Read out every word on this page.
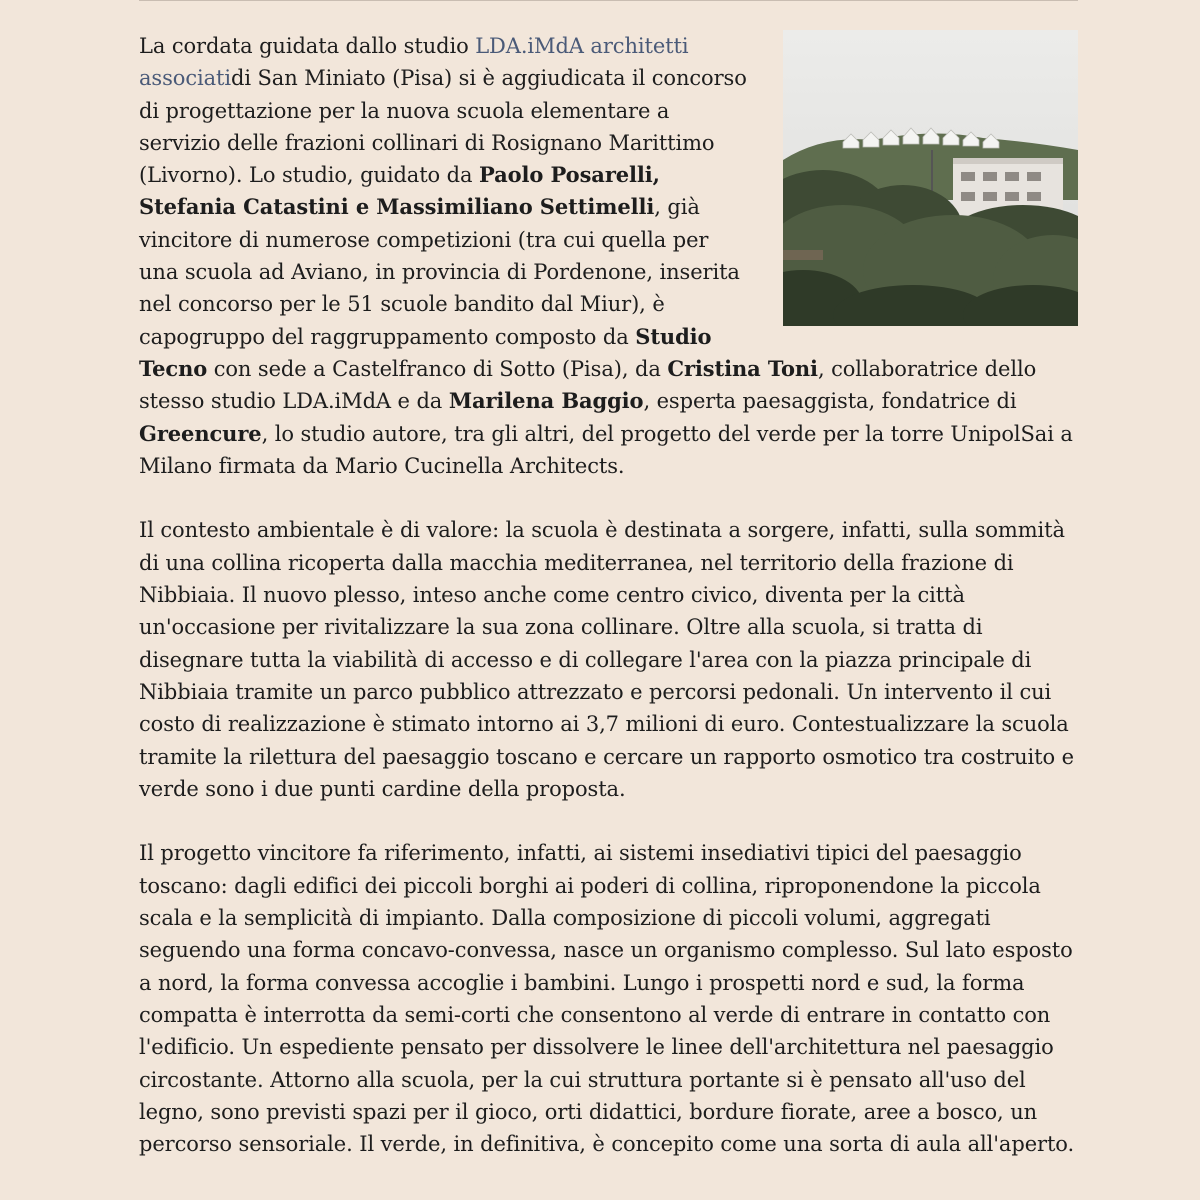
La cordata guidata dallo studio LDA.iMdA architetti associatidi San Miniato (Pisa) si è aggiudicata il concorso di progettazione per la nuova scuola elementare a servizio delle frazioni collinari di Rosignano Marittimo (Livorno). Lo studio, guidato da Paolo Posarelli, Stefania Catastini e Massimiliano Settimelli, già vincitore di numerose competizioni (tra cui quella per una scuola ad Aviano, in provincia di Pordenone, inserita nel concorso per le 51 scuole bandito dal Miur), è capogruppo del raggruppamento composto da Studio Tecno con sede a Castelfranco di Sotto (Pisa), da Cristina Toni, collaboratrice dello stesso studio LDA.iMdA e da Marilena Baggio, esperta paesaggista, fondatrice di Greencure, lo studio autore, tra gli altri, del progetto del verde per la torre UnipolSai a Milano firmata da Mario Cucinella Architects.

Il contesto ambientale è di valore: la scuola è destinata a sorgere, infatti, sulla sommità di una collina ricoperta dalla macchia mediterranea, nel territorio della frazione di Nibbiaia. Il nuovo plesso, inteso anche come centro civico, diventa per la città un'occasione per rivitalizzare la sua zona collinare. Oltre alla scuola, si tratta di disegnare tutta la viabilità di accesso e di collegare l'area con la piazza principale di Nibbiaia tramite un parco pubblico attrezzato e percorsi pedonali. Un intervento il cui costo di realizzazione è stimato intorno ai 3,7 milioni di euro. Contestualizzare la scuola tramite la rilettura del paesaggio toscano e cercare un rapporto osmotico tra costruito e verde sono i due punti cardine della proposta.

Il progetto vincitore fa riferimento, infatti, ai sistemi insediativi tipici del paesaggio toscano: dagli edifici dei piccoli borghi ai poderi di collina, riproponendone la piccola scala e la semplicità di impianto. Dalla composizione di piccoli volumi, aggregati seguendo una forma concavo-convessa, nasce un organismo complesso. Sul lato esposto a nord, la forma convessa accoglie i bambini. Lungo i prospetti nord e sud, la forma compatta è interrotta da semi-corti che consentono al verde di entrare in contatto con l'edificio. Un espediente pensato per dissolvere le linee dell'architettura nel paesaggio circostante. Attorno alla scuola, per la cui struttura portante si è pensato all'uso del legno, sono previsti spazi per il gioco, orti didattici, bordure fiorate, aree a bosco, un percorso sensoriale. Il verde, in definitiva, è concepito come una sorta di aula all'aperto.
